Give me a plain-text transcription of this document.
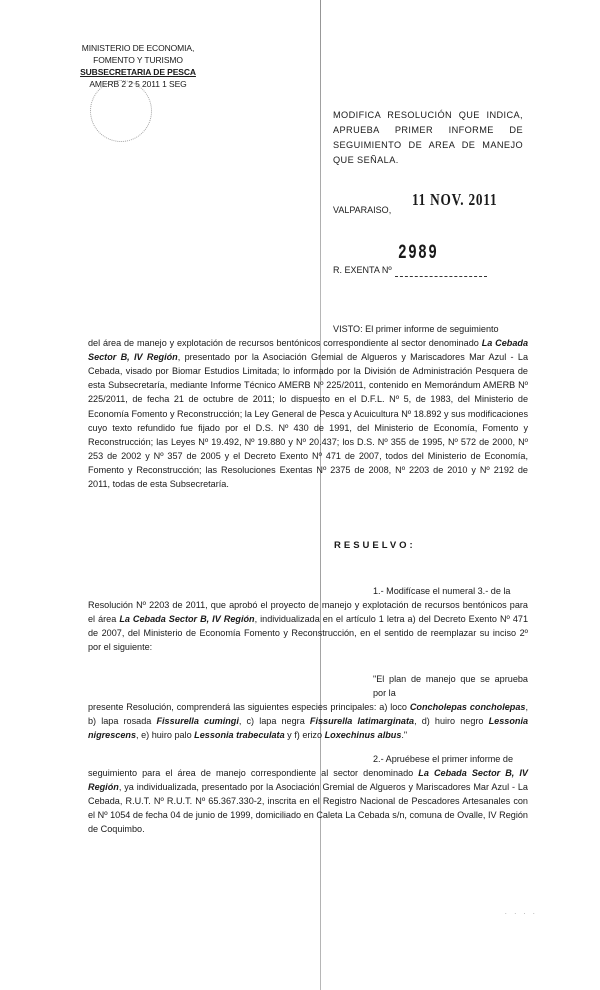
MINISTERIO DE ECONOMIA,
FOMENTO Y TURISMO
SUBSECRETARIA DE PESCA
AMERB 2 2 5 2011 1 SEG
MODIFICA RESOLUCIÓN QUE INDICA, APRUEBA PRIMER INFORME DE SEGUIMIENTO DE AREA DE MANEJO QUE SEÑALA.
VALPARAISO,
11 NOV. 2011
2989
R. EXENTA Nº
VISTO: El primer informe de seguimiento
del área de manejo y explotación de recursos bentónicos correspondiente al sector denominado La Cebada Sector B, IV Región, presentado por la Asociación Gremial de Algueros y Mariscadores Mar Azul - La Cebada, visado por Biomar Estudios Limitada; lo informado por la División de Administración Pesquera de esta Subsecretaría, mediante Informe Técnico AMERB Nº 225/2011, contenido en Memorándum AMERB Nº 225/2011, de fecha 21 de octubre de 2011; lo dispuesto en el D.F.L. Nº 5, de 1983, del Ministerio de Economía Fomento y Reconstrucción; la Ley General de Pesca y Acuicultura Nº 18.892 y sus modificaciones cuyo texto refundido fue fijado por el D.S. Nº 430 de 1991, del Ministerio de Economía, Fomento y Reconstrucción; las Leyes Nº 19.492, Nº 19.880 y Nº 20.437; los D.S. Nº 355 de 1995, Nº 572 de 2000, Nº 253 de 2002 y Nº 357 de 2005 y el Decreto Exento Nº 471 de 2007, todos del Ministerio de Economía, Fomento y Reconstrucción; las Resoluciones Exentas Nº 2375 de 2008, Nº 2203 de 2010 y Nº 2192 de 2011, todas de esta Subsecretaría.
RESUELVO:
1.- Modifícase el numeral 3.- de la
Resolución Nº 2203 de 2011, que aprobó el proyecto de manejo y explotación de recursos bentónicos para el área La Cebada Sector B, IV Región, individualizada en el artículo 1 letra a) del Decreto Exento Nº 471 de 2007, del Ministerio de Economía Fomento y Reconstrucción, en el sentido de reemplazar su inciso 2º por el siguiente:
"El plan de manejo que se aprueba por la
presente Resolución, comprenderá las siguientes especies principales: a) loco Concholepas concholepas, b) lapa rosada Fissurella cumingi, c) lapa negra Fissurella latimarginata, d) huiro negro Lessonia nigrescens, e) huiro palo Lessonia trabeculata y f) erizo Loxechinus albus."
2.- Apruébese el primer informe de
seguimiento para el área de manejo correspondiente al sector denominado La Cebada Sector B, IV Región, ya individualizada, presentado por la Asociación Gremial de Algueros y Mariscadores Mar Azul - La Cebada, R.U.T. Nº R.U.T. Nº 65.367.330-2, inscrita en el Registro Nacional de Pescadores Artesanales con el Nº 1054 de fecha 04 de junio de 1999, domiciliado en Caleta La Cebada s/n, comuna de Ovalle, IV Región de Coquimbo.
. . . .
